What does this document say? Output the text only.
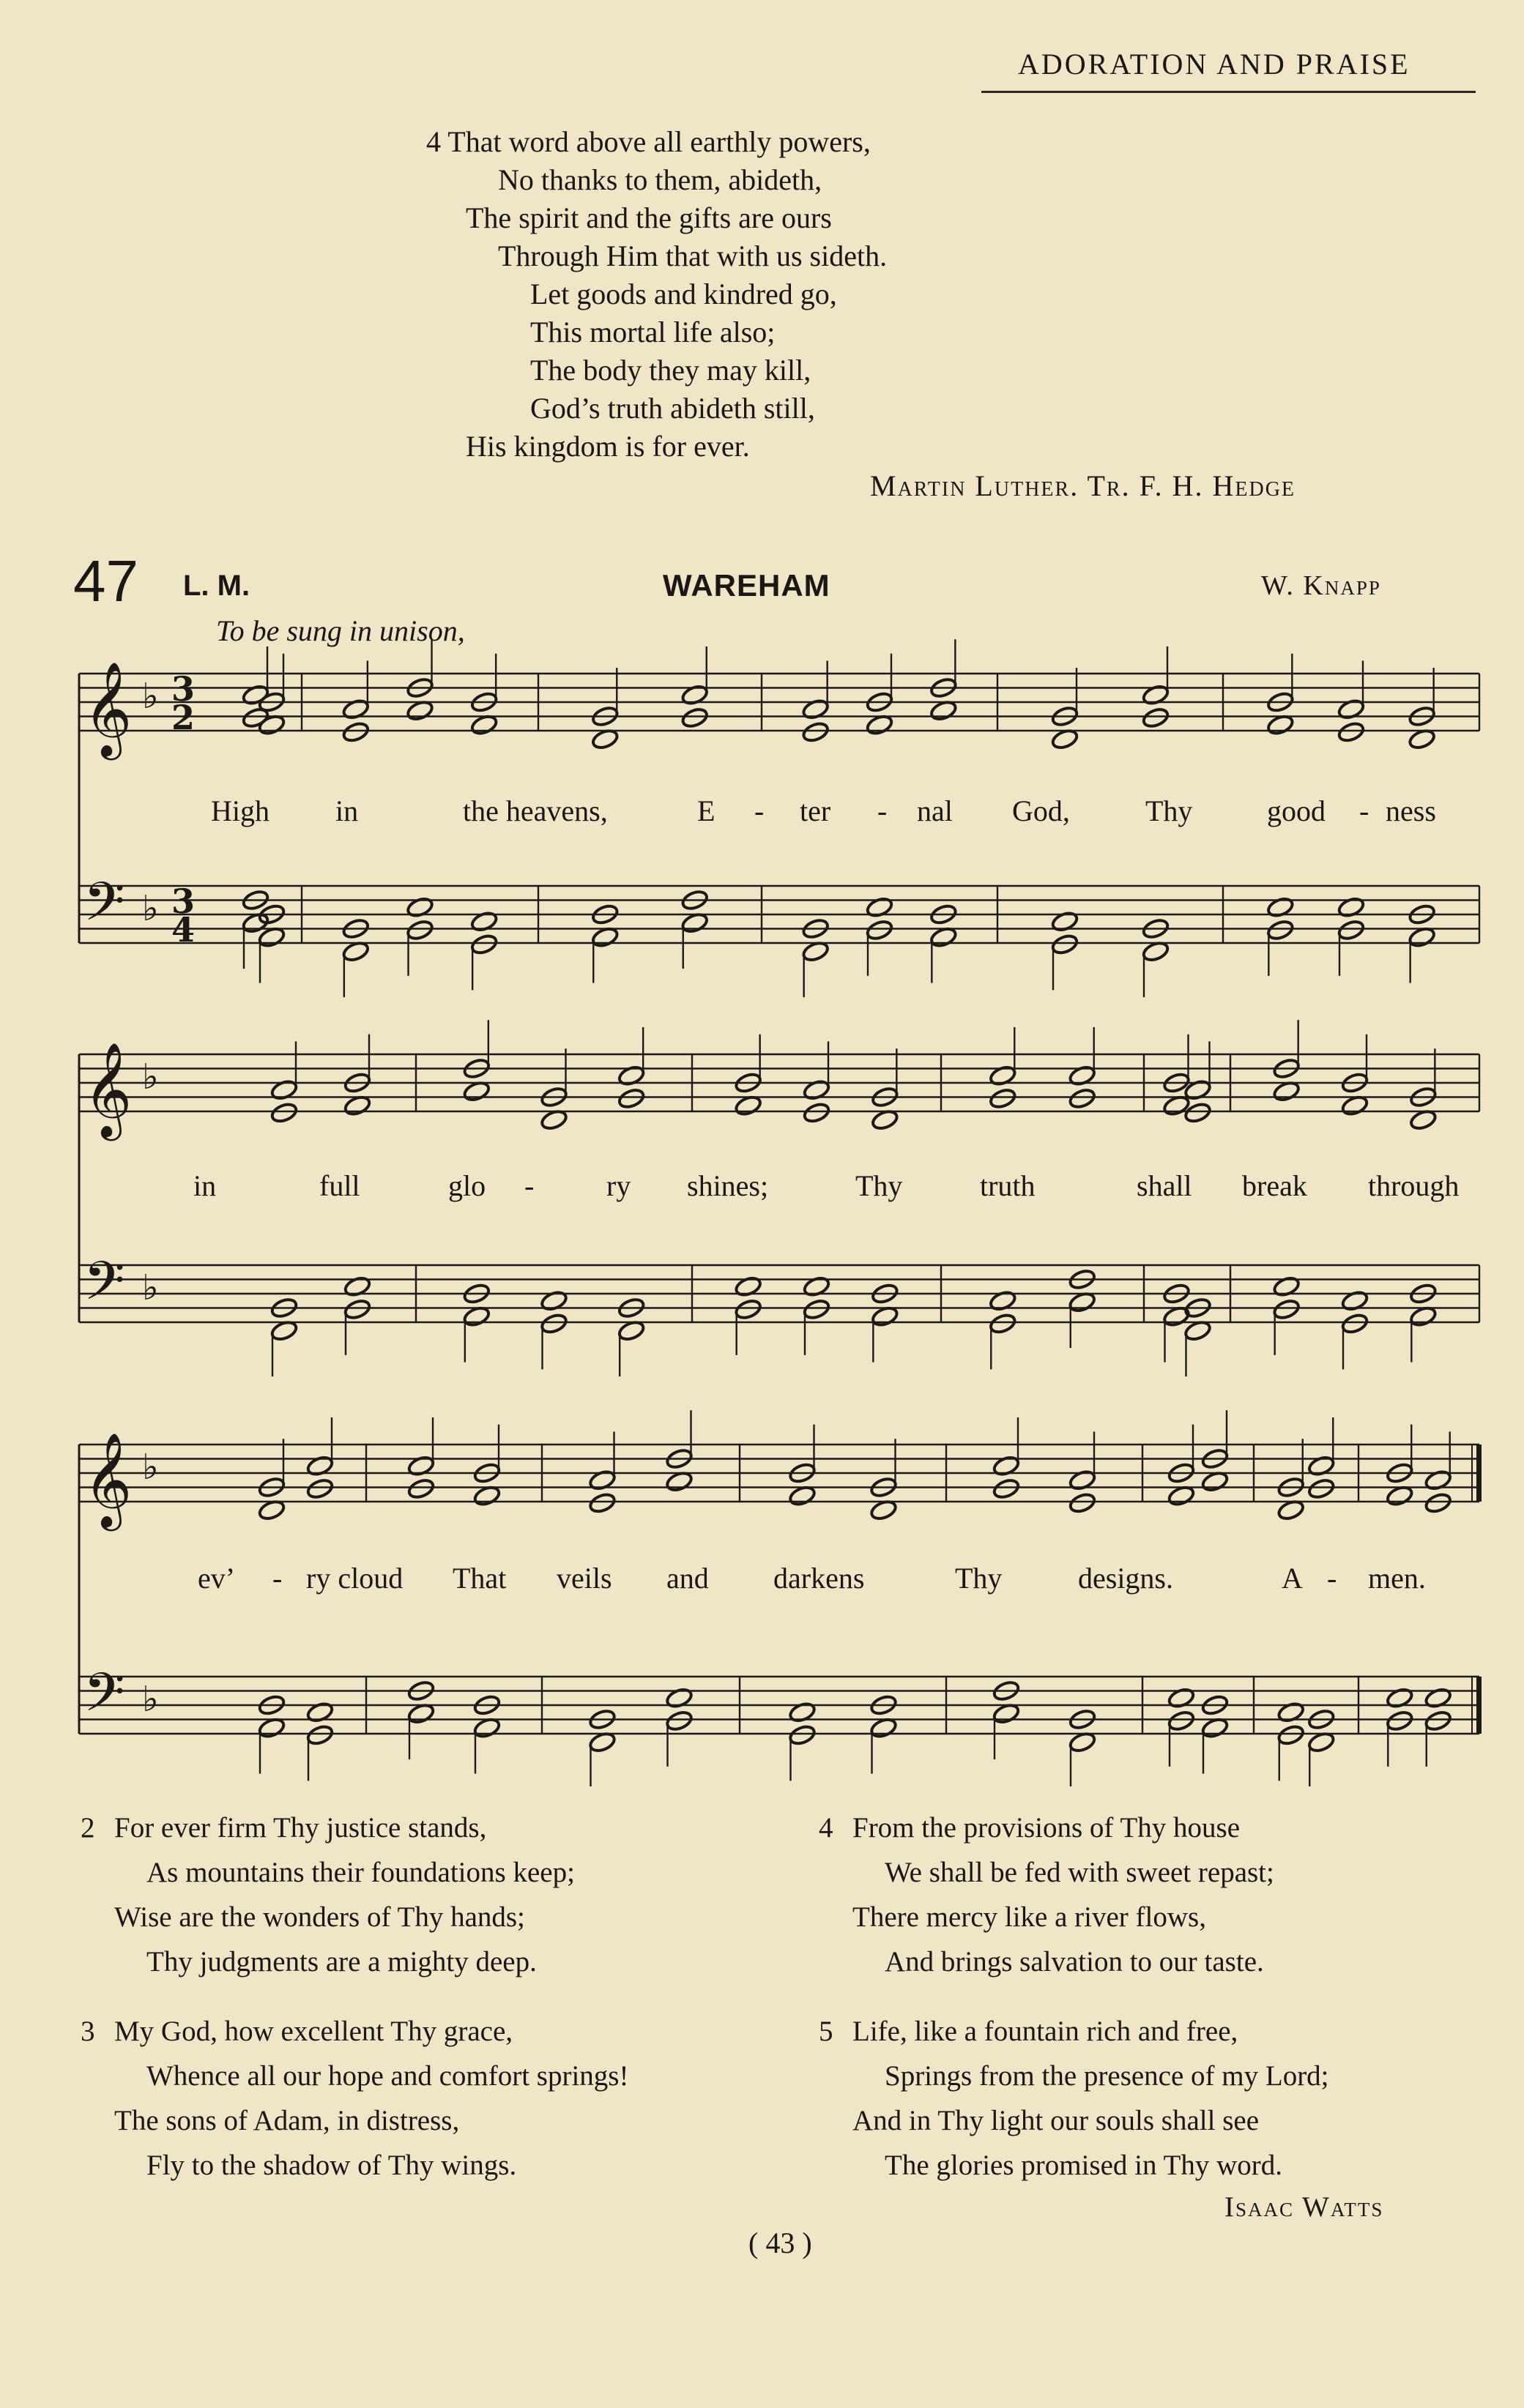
ADORATION AND PRAISE
4 That word above all earthly powers,
No thanks to them, abideth,
The spirit and the gifts are ours
Through Him that with us sideth.
Let goods and kindred go,
This mortal life also;
The body they may kill,
God’s truth abideth still,
His kingdom is for ever.
Martin Luther. Tr. F. H. Hedge
47 L. M.	WAREHAM	W. Knapp
To be sung in unison,
𝄞 ♭ 3
2
𝄢 ♭ 3
4
𝄞 ♭
𝄢 ♭
𝄞 ♭
𝄢 ♭
High in	the heavens,	E - ter - nal God,	Thy	good - ness
in	full	glo - ry shines;	Thy	truth	shall break through
ev’ - ry cloud That veils and darkens	Thy	designs.	A - men.
2 For ever firm Thy justice stands,
As mountains their foundations keep;
Wise are the wonders of Thy hands;
Thy judgments are a mighty deep.
3 My God, how excellent Thy grace,
Whence all our hope and comfort springs!
The sons of Adam, in distress,
Fly to the shadow of Thy wings.
4 From the provisions of Thy house
We shall be fed with sweet repast;
There mercy like a river flows,
And brings salvation to our taste.
5 Life, like a fountain rich and free,
Springs from the presence of my Lord;
And in Thy light our souls shall see
The glories promised in Thy word.
Isaac Watts
( 43 )
